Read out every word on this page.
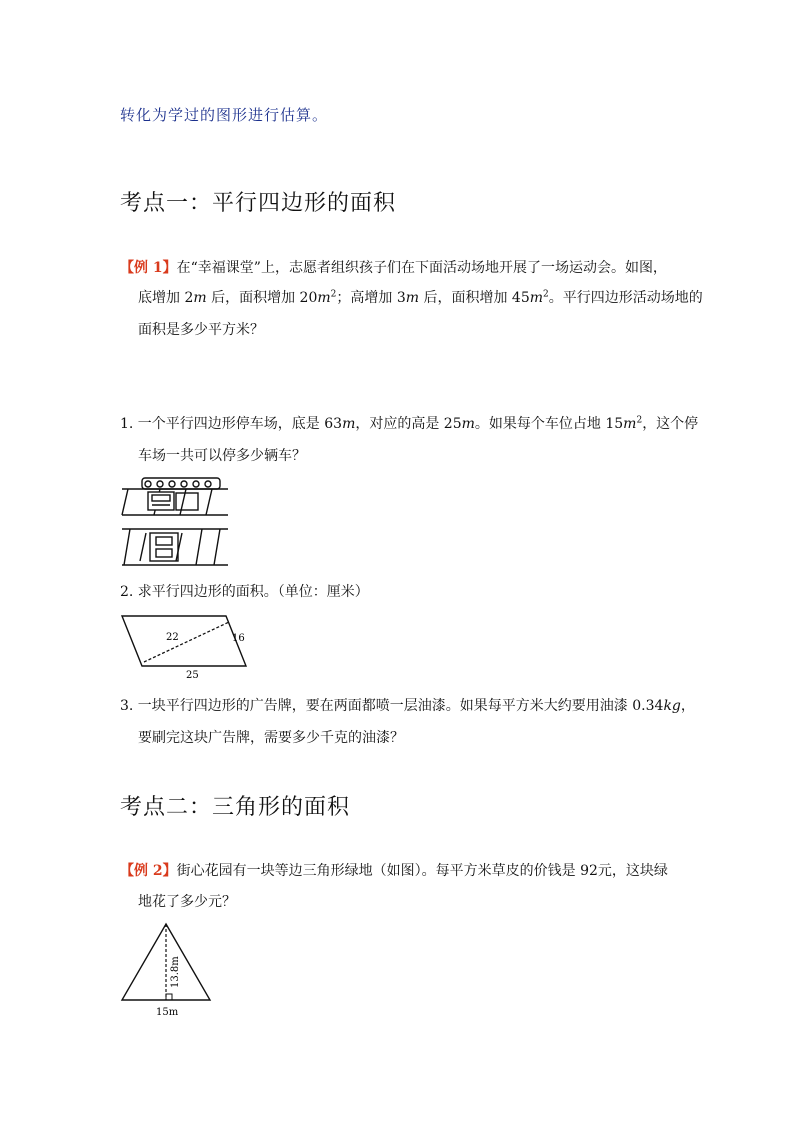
转化为学过的图形进行估算。
考点一：平行四边形的面积
【例 1】在“幸福课堂”上，志愿者组织孩子们在下面活动场地开展了一场运动会。如图，
底增加 2m 后，面积增加 $20m^2$；高增加 3m 后，面积增加 $45m^2$。平行四边形活动场地的
面积是多少平方米？
1. 一个平行四边形停车场，底是 63m，对应的高是 25m。如果每个车位占地 $15m^2$，这个停
车场一共可以停多少辆车？
2. 求平行四边形的面积。（单位：厘米）
22	16
25
3. 一块平行四边形的广告牌，要在两面都喷一层油漆。如果每平方米大约要用油漆 0.34kg，
要刷完这块广告牌，需要多少千克的油漆？
考点二：三角形的面积
【例 2】街心花园有一块等边三角形绿地（如图）。每平方米草皮的价钱是 92元，这块绿
地花了多少元？
13.8m
15m
